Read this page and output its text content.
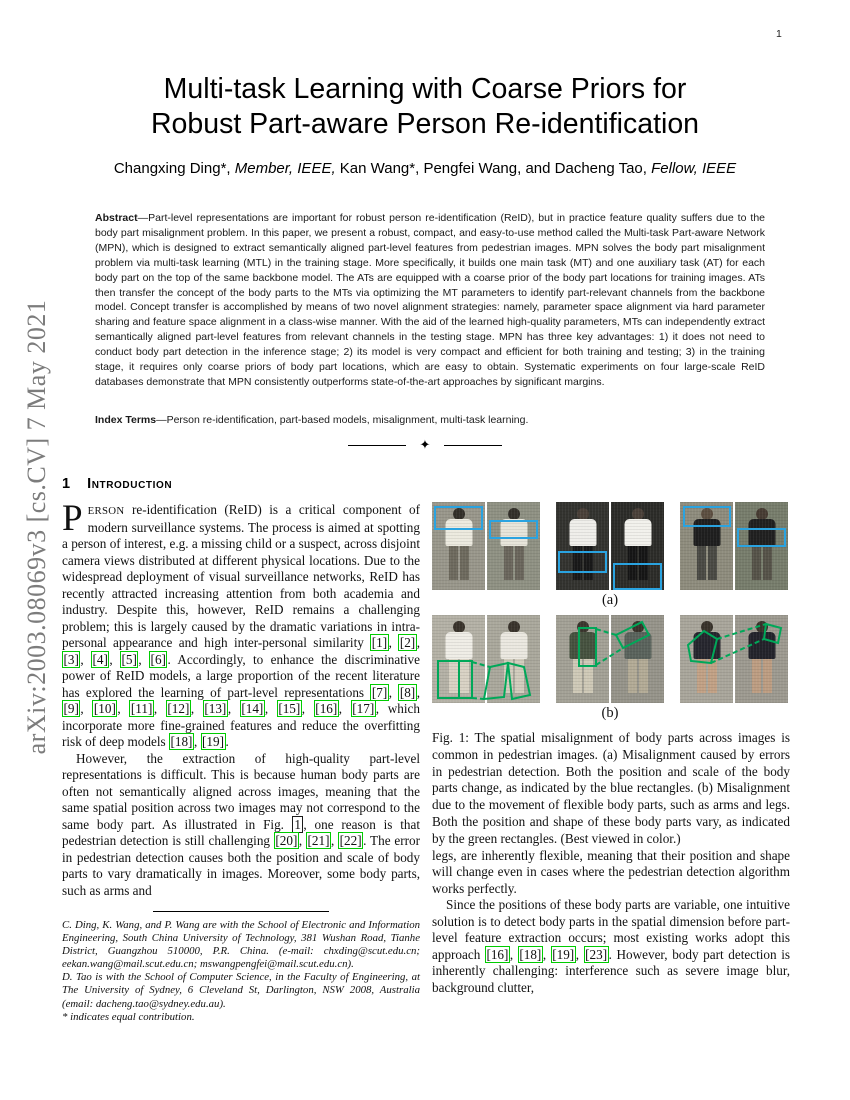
arXiv:2003.08069v3 [cs.CV] 7 May 2021
1
Multi-task Learning with Coarse Priors for
Robust Part-aware Person Re-identification
Changxing Ding*, Member, IEEE, Kan Wang*, Pengfei Wang, and Dacheng Tao, Fellow, IEEE
Abstract—Part-level representations are important for robust person re-identification (ReID), but in practice feature quality suffers due to the body part misalignment problem. In this paper, we present a robust, compact, and easy-to-use method called the Multi-task Part-aware Network (MPN), which is designed to extract semantically aligned part-level features from pedestrian images. MPN solves the body part misalignment problem via multi-task learning (MTL) in the training stage. More specifically, it builds one main task (MT) and one auxiliary task (AT) for each body part on the top of the same backbone model. The ATs are equipped with a coarse prior of the body part locations for training images. ATs then transfer the concept of the body parts to the MTs via optimizing the MT parameters to identify part-relevant channels from the backbone model. Concept transfer is accomplished by means of two novel alignment strategies: namely, parameter space alignment via hard parameter sharing and feature space alignment in a class-wise manner. With the aid of the learned high-quality parameters, MTs can independently extract semantically aligned part-level features from relevant channels in the testing stage. MPN has three key advantages: 1) it does not need to conduct body part detection in the inference stage; 2) its model is very compact and efficient for both training and testing; 3) in the training stage, it requires only coarse priors of body part locations, which are easy to obtain. Systematic experiments on four large-scale ReID databases demonstrate that MPN consistently outperforms state-of-the-art approaches by significant margins.
Index Terms—Person re-identification, part-based models, misalignment, multi-task learning.
✦
1 Introduction

PERSON re-identification (ReID) is a critical component of modern surveillance systems. The process is aimed at spotting a person of interest, e.g. a missing child or a suspect, across disjoint camera views distributed at different physical locations. Due to the widespread deployment of visual surveillance networks, ReID has recently attracted increasing attention from both academia and industry. Despite this, however, ReID remains a challenging problem; this is largely caused by the dramatic variations in intra-personal appearance and high inter-personal similarity [1] , [2] , [3] , [4] , [5] , [6] . Accordingly, to enhance the discriminative power of ReID models, a large proportion of the recent literature has explored the learning of part-level representations [7] , [8] , [9] , [10] , [11] , [12] , [13] , [14] , [15] , [16] , [17] , which incorporate more fine-grained features and reduce the overfitting risk of deep models [18] , [19] .

However, the extraction of high-quality part-level representations is difficult. This is because human body parts are often not semantically aligned across images, meaning that the same spatial position across two images may not correspond to the same body part. As illustrated in Fig. 1 , one reason is that pedestrian detection is still challenging [20] , [21] , [22] . The error in pedestrian detection causes both the position and scale of body parts to vary dramatically in images. Moreover, some body parts, such as arms and

C. Ding, K. Wang, and P. Wang are with the School of Electronic and Information Engineering, South China University of Technology, 381 Wushan Road, Tianhe District, Guangzhou 510000, P.R. China. (e-mail: chxding@scut.edu.cn; eekan.wang@mail.scut.edu.cn; mswangpengfei@mail.scut.edu.cn).

D. Tao is with the School of Computer Science, in the Faculty of Engineering, at The University of Sydney, 6 Cleveland St, Darlington, NSW 2008, Australia (email: dacheng.tao@sydney.edu.au).

* indicates equal contribution.

(a)
(b)
Fig. 1: The spatial misalignment of body parts across images is common in pedestrian images. (a) Misalignment caused by errors in pedestrian detection. Both the position and scale of the body parts change, as indicated by the blue rectangles. (b) Misalignment due to the movement of flexible body parts, such as arms and legs. Both the position and shape of these body parts vary, as indicated by the green rectangles. (Best viewed in color.)

legs, are inherently flexible, meaning that their position and shape will change even in cases where the pedestrian detection algorithm works perfectly.

Since the positions of these body parts are variable, one intuitive solution is to detect body parts in the spatial dimension before part-level feature extraction occurs; most existing works adopt this approach [16] , [18] , [19] , [23] . However, body part detection is inherently challenging: interference such as severe image blur, background clutter,
